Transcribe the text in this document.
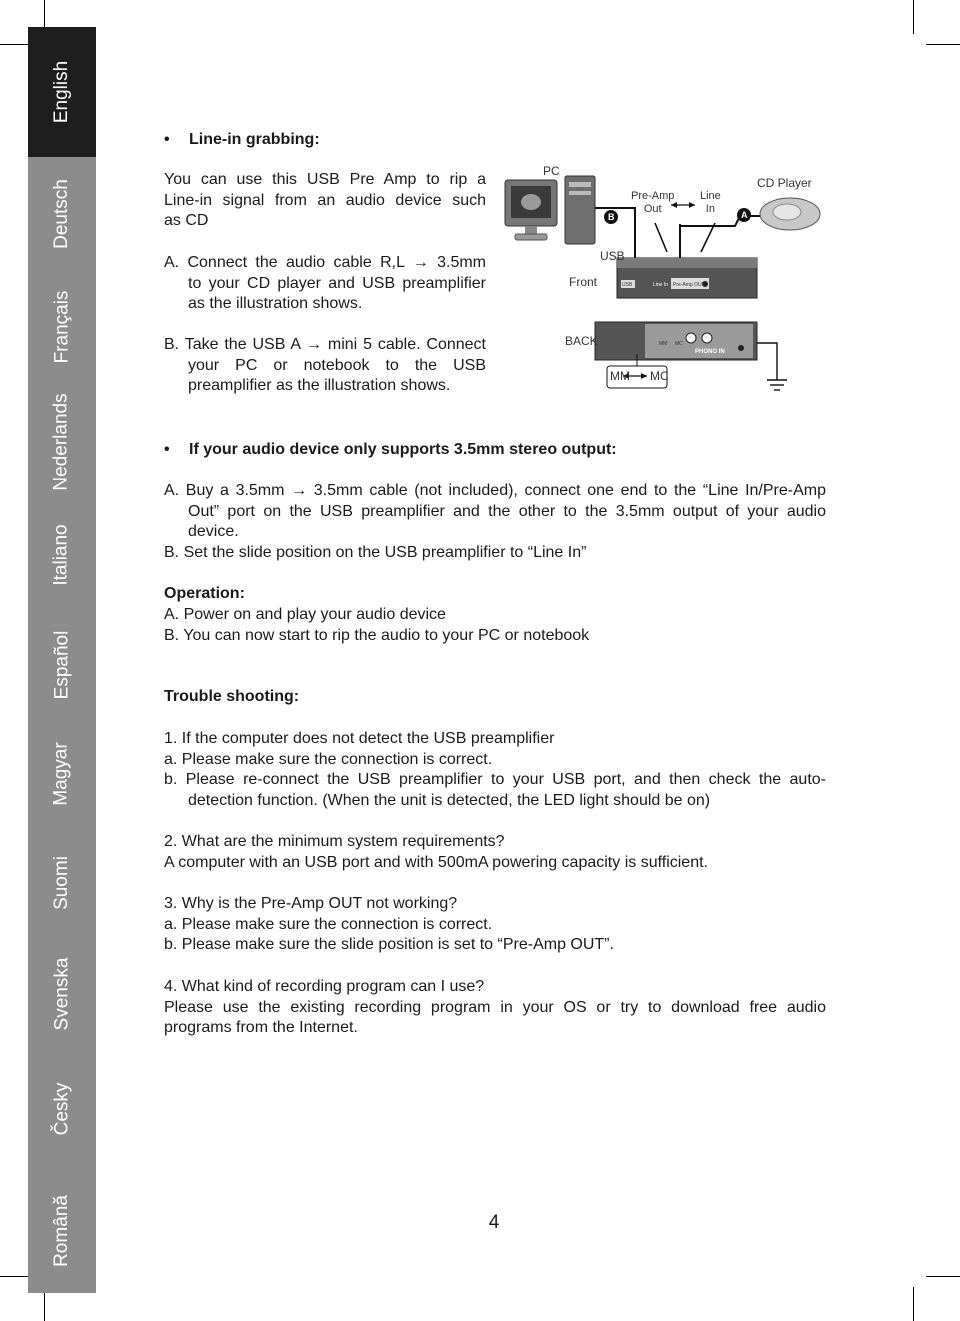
English
Deutsch
Français
Nederlands
Italiano
Español
Magyar
Suomi
Svenska
Česky
Română
• Line-in grabbing:
You can use this USB Pre Amp to rip a
Line-in signal from an audio device such
as CD
A. Connect the audio cable R,L → 3.5mm
to your CD player and USB preamplifier
as the illustration shows.
B. Take the USB A → mini 5 cable. Connect
your PC or notebook to the USB
preamplifier as the illustration shows.
PC
USB
Front
BACK
Pre-Amp
Out
Line
In
CD Player
B	A
MM MC
USB	Line In Pre-Amp OUT
MM MC
PHONO IN
• If your audio device only supports 3.5mm stereo output:
A. Buy a 3.5mm → 3.5mm cable (not included), connect one end to the “Line In/Pre-Amp
Out” port on the USB preamplifier and the other to the 3.5mm output of your audio
device.
B. Set the slide position on the USB preamplifier to “Line In”
Operation:
A. Power on and play your audio device
B. You can now start to rip the audio to your PC or notebook
Trouble shooting:
1. If the computer does not detect the USB preamplifier
a. Please make sure the connection is correct.
b. Please re-connect the USB preamplifier to your USB port, and then check the auto-
detection function. (When the unit is detected, the LED light should be on)
2. What are the minimum system requirements?
A computer with an USB port and with 500mA powering capacity is sufficient.
3. Why is the Pre-Amp OUT not working?
a. Please make sure the connection is correct.
b. Please make sure the slide position is set to “Pre-Amp OUT”.
4. What kind of recording program can I use?
Please use the existing recording program in your OS or try to download free audio
programs from the Internet.
4
